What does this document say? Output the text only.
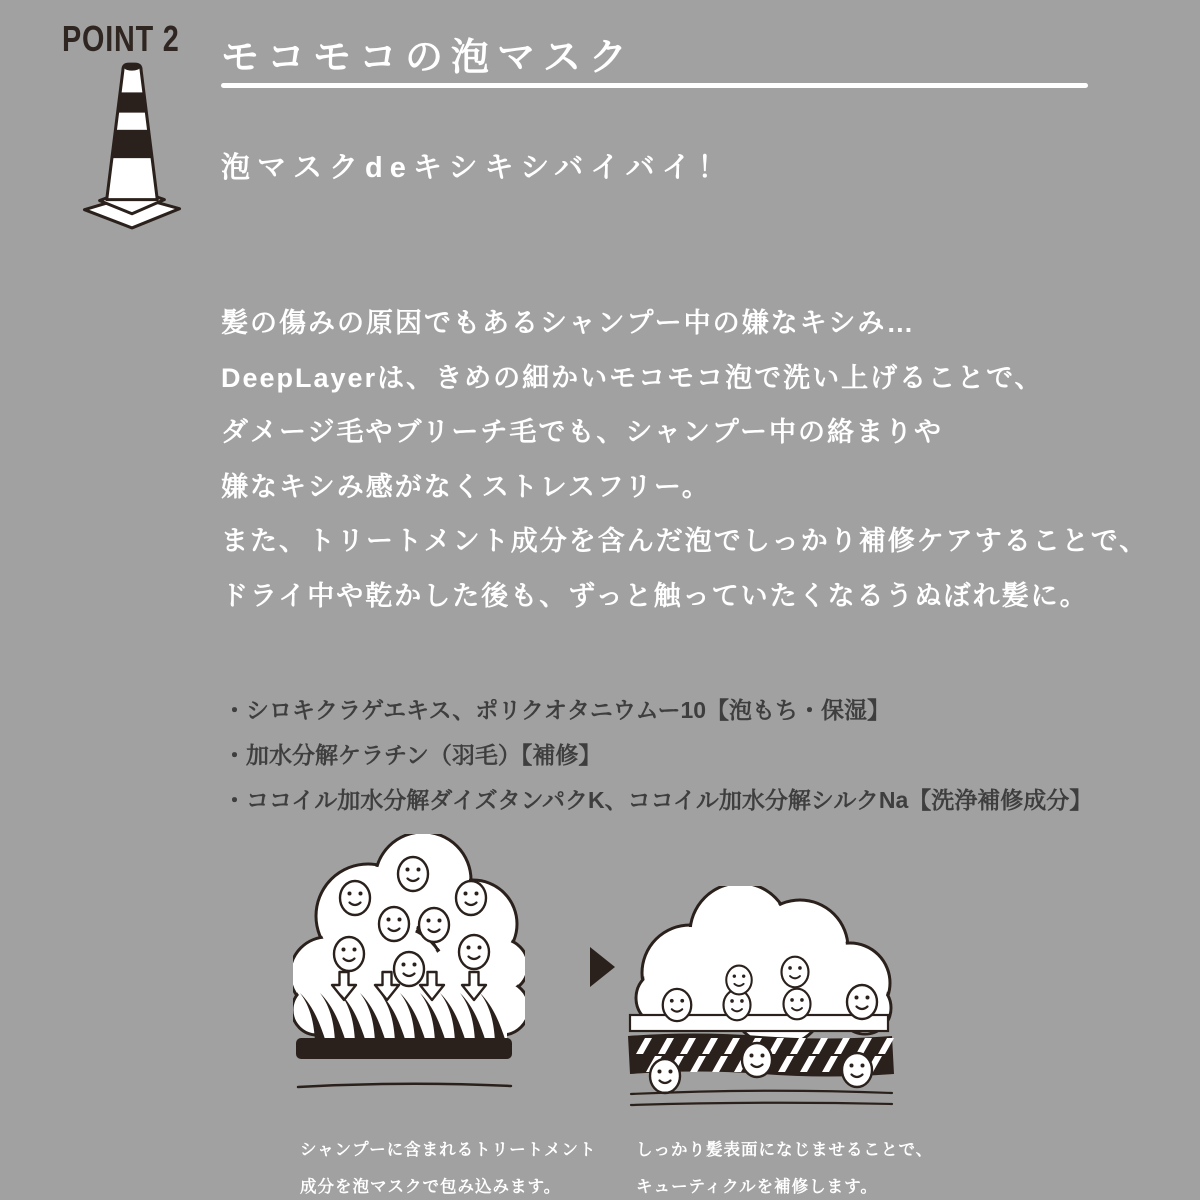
POINT 2 モコモコの泡マスク
泡マスクdeキシキシバイバイ！
髪の傷みの原因でもあるシャンプー中の嫌なキシみ…
DeepLayerは、きめの細かいモコモコ泡で洗い上げることで、
ダメージ毛やブリーチ毛でも、シャンプー中の絡まりや
嫌なキシみ感がなくストレスフリー。
また、トリートメント成分を含んだ泡でしっかり補修ケアすることで、
ドライ中や乾かした後も、ずっと触っていたくなるうぬぼれ髪に。
・シロキクラゲエキス、ポリクオタニウムー10【泡もち・保湿】
・加水分解ケラチン（羽毛）【補修】
・ココイル加水分解ダイズタンパクK、ココイル加水分解シルクNa【洗浄補修成分】
シャンプーに含まれるトリートメント
成分を泡マスクで包み込みます。
しっかり髪表面になじませることで、
キューティクルを補修します。
